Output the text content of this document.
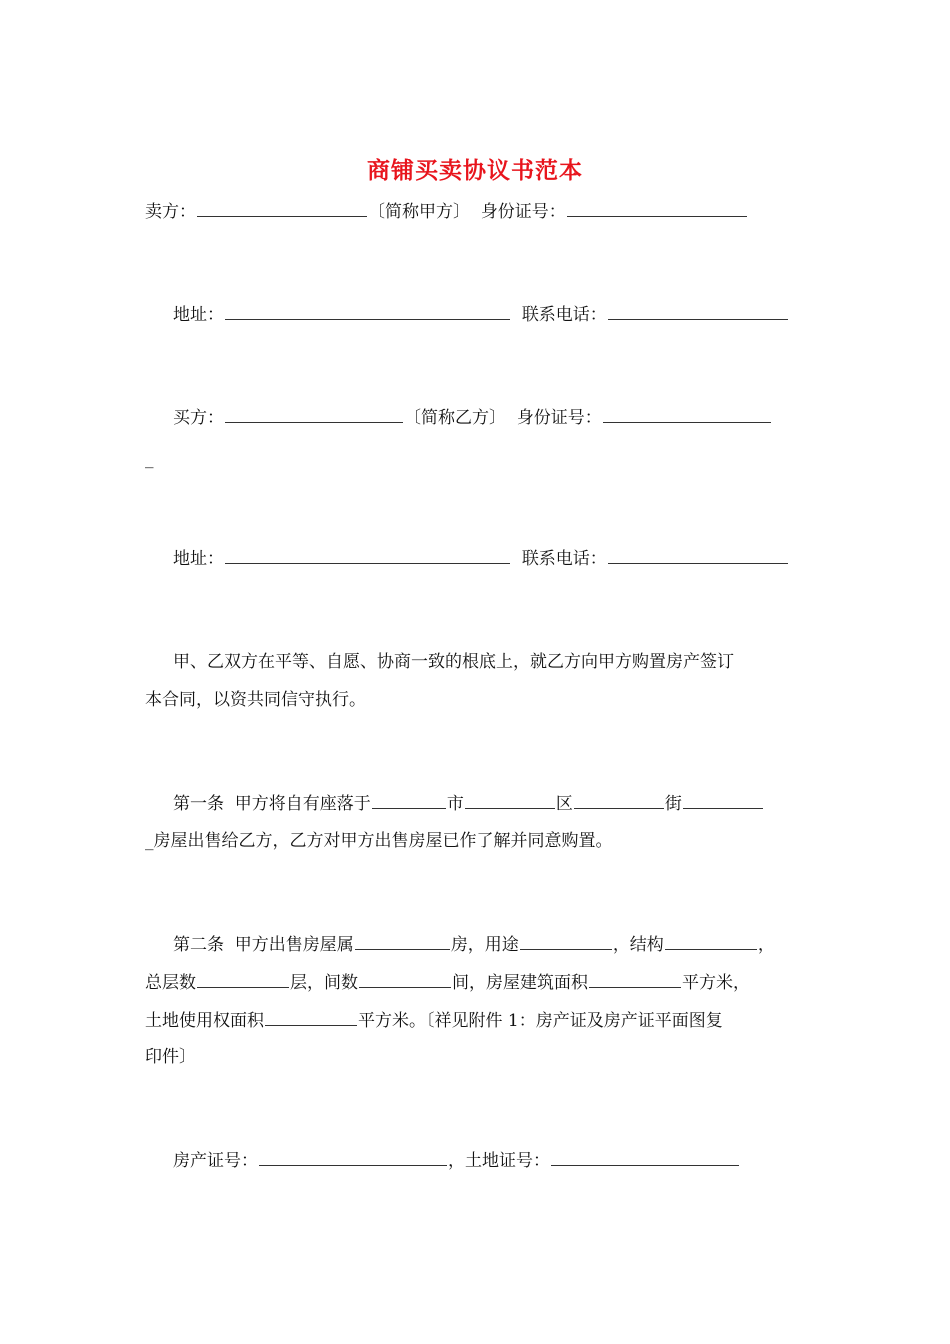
商铺买卖协议书范本
卖方：	〔简称甲方〕 身份证号：
地址：	联系电话：
买方：	〔简称乙方〕 身份证号：
_
地址：	联系电话：
甲、乙双方在平等、自愿、协商一致的根底上，就乙方向甲方购置房产签订
本合同，以资共同信守执行。
第一条  甲方将自有座落于	市	区	街
_房屋出售给乙方，乙方对甲方出售房屋已作了解并同意购置。
第二条  甲方出售房屋属	房，用途	，结构	，
总层数	层，间数	间，房屋建筑面积	平方米，
土地使用权面积	平方米。〔祥见附件 1：房产证及房产证平面图复
印件〕
房产证号：	，土地证号：
